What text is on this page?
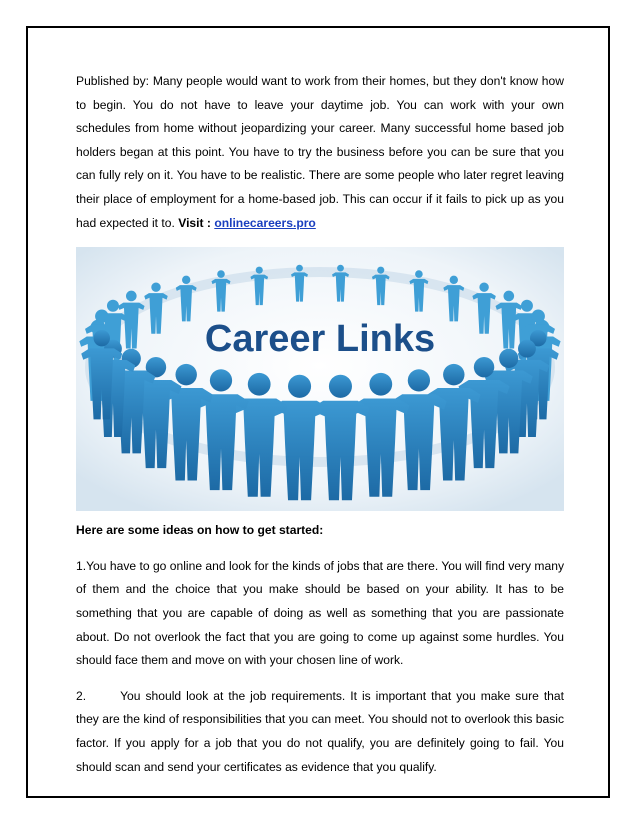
Published by: Many people would want to work from their homes, but they don't know how to begin. You do not have to leave your daytime job. You can work with your own schedules from home without jeopardizing your career. Many successful home based job holders began at this point. You have to try the business before you can be sure that you can fully rely on it. You have to be realistic. There are some people who later regret leaving their place of employment for a home-based job. This can occur if it fails to pick up as you had expected it to. Visit : onlinecareers.pro

Career Links

Here are some ideas on how to get started:

1.You have to go online and look for the kinds of jobs that are there. You will find very many of them and the choice that you make should be based on your ability. It has to be something that you are capable of doing as well as something that you are passionate about. Do not overlook the fact that you are going to come up against some hurdles. You should face them and move on with your chosen line of work.

2.	You should look at the job requirements. It is important that you make sure that they are the kind of responsibilities that you can meet. You should not to overlook this basic factor. If you apply for a job that you do not qualify, you are definitely going to fail. You should scan and send your certificates as evidence that you qualify.
